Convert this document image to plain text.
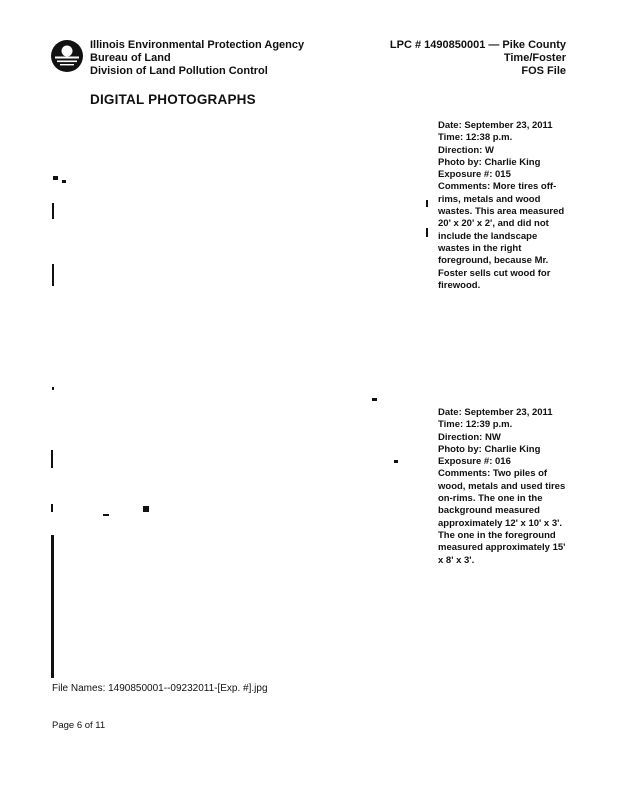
Illinois Environmental Protection Agency
Bureau of Land
Division of Land Pollution Control
LPC # 1490850001 — Pike County
Time/Foster
FOS File
DIGITAL PHOTOGRAPHS
Date: September 23, 2011
Time: 12:38 p.m.
Direction: W
Photo by: Charlie King
Exposure #: 015
Comments: More tires off-rims, metals and wood wastes. This area measured 20' x 20' x 2', and did not include the landscape wastes in the right foreground, because Mr. Foster sells cut wood for firewood.
Date: September 23, 2011
Time: 12:39 p.m.
Direction: NW
Photo by: Charlie King
Exposure #: 016
Comments: Two piles of wood, metals and used tires on-rims. The one in the background measured approximately 12' x 10' x 3'. The one in the foreground measured approximately 15' x 8' x 3'.
File Names: 1490850001--09232011-[Exp. #].jpg
Page 6 of 11
